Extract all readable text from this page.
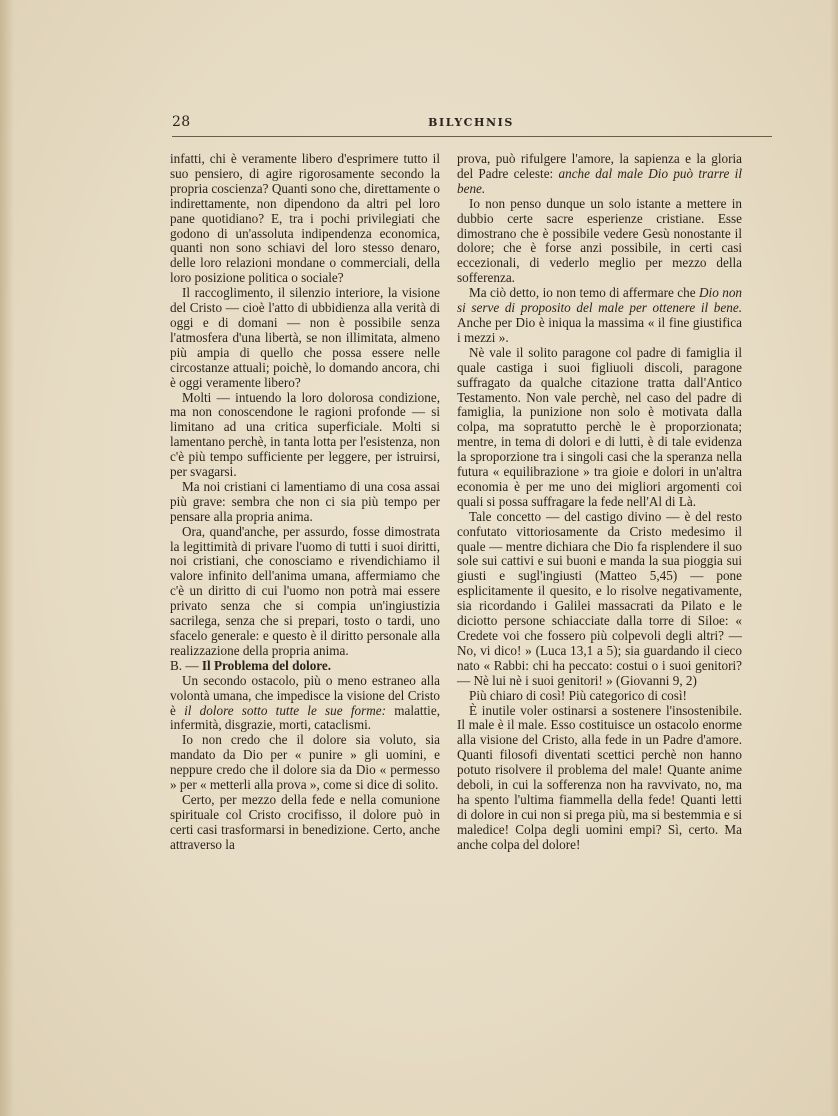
28	BILYCHNIS

infatti, chi è veramente libero d'esprimere tutto il suo pensiero, di agire rigorosamente secondo la propria coscienza? Quanti sono che, direttamente o indirettamente, non dipendono da altri pel loro pane quotidiano? E, tra i pochi privilegiati che godono di un'assoluta indipendenza economica, quanti non sono schiavi del loro stesso denaro, delle loro relazioni mondane o commerciali, della loro posizione politica o sociale?

Il raccoglimento, il silenzio interiore, la visione del Cristo — cioè l'atto di ubbidienza alla verità di oggi e di domani — non è possibile senza l'atmosfera d'una libertà, se non illimitata, almeno più ampia di quello che possa essere nelle circostanze attuali; poichè, lo domando ancora, chi è oggi veramente libero?

Molti — intuendo la loro dolorosa condizione, ma non conoscendone le ragioni profonde — si limitano ad una critica superficiale. Molti si lamentano perchè, in tanta lotta per l'esistenza, non c'è più tempo sufficiente per leggere, per istruirsi, per svagarsi.

Ma noi cristiani ci lamentiamo di una cosa assai più grave: sembra che non ci sia più tempo per pensare alla propria anima.

Ora, quand'anche, per assurdo, fosse dimostrata la legittimità di privare l'uomo di tutti i suoi diritti, noi cristiani, che conosciamo e rivendichiamo il valore infinito dell'anima umana, affermiamo che c'è un diritto di cui l'uomo non potrà mai essere privato senza che si compia un'ingiustizia sacrilega, senza che si prepari, tosto o tardi, uno sfacelo generale: e questo è il diritto personale alla realizzazione della propria anima.

B. — Il Problema del dolore.

Un secondo ostacolo, più o meno estraneo alla volontà umana, che impedisce la visione del Cristo è il dolore sotto tutte le sue forme: malattie, infermità, disgrazie, morti, cataclismi.

Io non credo che il dolore sia voluto, sia mandato da Dio per « punire » gli uomini, e neppure credo che il dolore sia da Dio « permesso » per « metterli alla prova », come si dice di solito.

Certo, per mezzo della fede e nella comunione spirituale col Cristo crocifisso, il dolore può in certi casi trasformarsi in benedizione. Certo, anche attraverso la

prova, può rifulgere l'amore, la sapienza e la gloria del Padre celeste: anche dal male Dio può trarre il bene.

Io non penso dunque un solo istante a mettere in dubbio certe sacre esperienze cristiane. Esse dimostrano che è possibile vedere Gesù nonostante il dolore; che è forse anzi possibile, in certi casi eccezionali, di vederlo meglio per mezzo della sofferenza.

Ma ciò detto, io non temo di affermare che Dio non si serve di proposito del male per ottenere il bene. Anche per Dio è iniqua la massima « il fine giustifica i mezzi ».

Nè vale il solito paragone col padre di famiglia il quale castiga i suoi figliuoli discoli, paragone suffragato da qualche citazione tratta dall'Antico Testamento. Non vale perchè, nel caso del padre di famiglia, la punizione non solo è motivata dalla colpa, ma sopratutto perchè le è proporzionata; mentre, in tema di dolori e di lutti, è di tale evidenza la sproporzione tra i singoli casi che la speranza nella futura « equilibrazione » tra gioie e dolori in un'altra economia è per me uno dei migliori argomenti coi quali si possa suffragare la fede nell'Al di Là.

Tale concetto — del castigo divino — è del resto confutato vittoriosamente da Cristo medesimo il quale — mentre dichiara che Dio fa risplendere il suo sole sui cattivi e sui buoni e manda la sua pioggia sui giusti e sugl'ingiusti (Matteo 5,45) — pone esplicitamente il quesito, e lo risolve negativamente, sia ricordando i Galilei massacrati da Pilato e le diciotto persone schiacciate dalla torre di Siloe: « Credete voi che fossero più colpevoli degli altri? — No, vi dico! » (Luca 13,1 a 5); sia guardando il cieco nato « Rabbi: chi ha peccato: costui o i suoi genitori? — Nè lui nè i suoi genitori! » (Giovanni 9, 2)

Più chiaro di così! Più categorico di così!

È inutile voler ostinarsi a sostenere l'insostenibile. Il male è il male. Esso costituisce un ostacolo enorme alla visione del Cristo, alla fede in un Padre d'amore. Quanti filosofi diventati scettici perchè non hanno potuto risolvere il problema del male! Quante anime deboli, in cui la sofferenza non ha ravvivato, no, ma ha spento l'ultima fiammella della fede! Quanti letti di dolore in cui non si prega più, ma si bestemmia e si maledice! Colpa degli uomini empi? Sì, certo. Ma anche colpa del dolore!
